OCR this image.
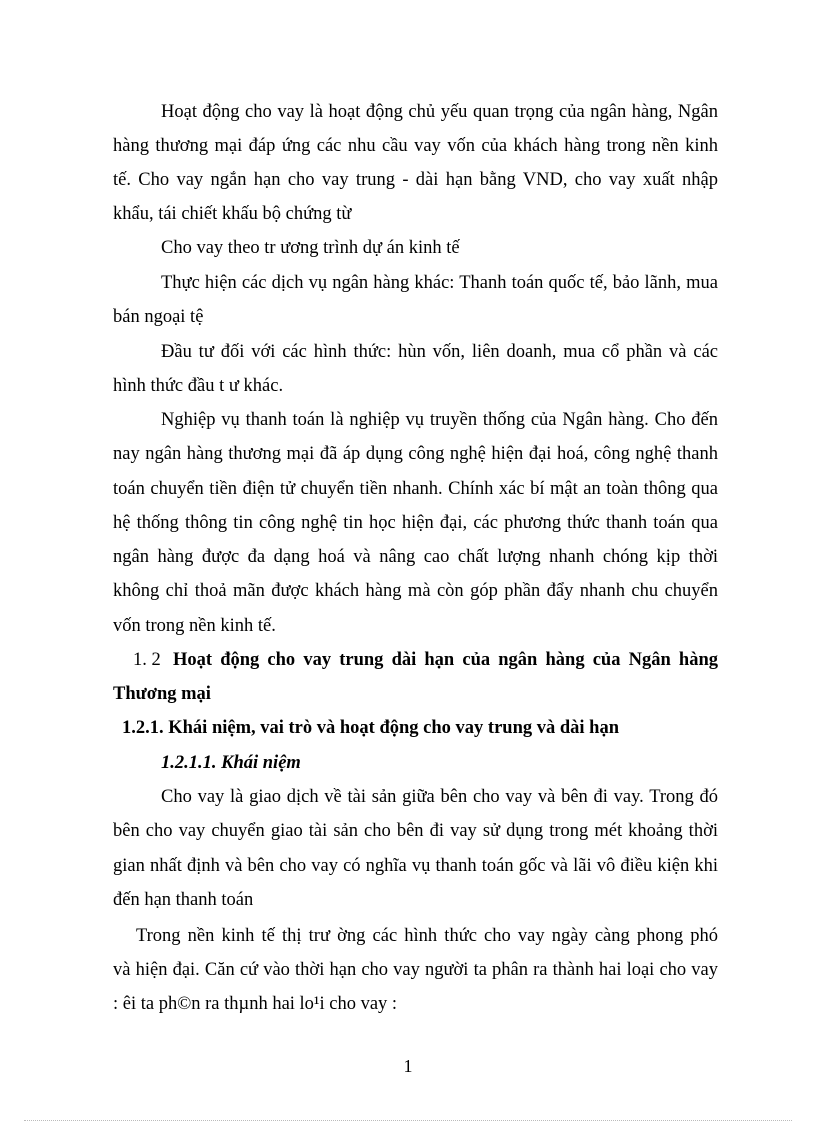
Hoạt động cho vay là hoạt động chủ yếu quan trọng của ngân hàng, Ngân
hàng thương mại đáp ứng các nhu cầu vay vốn của khách hàng trong nền kinh
tế. Cho vay ngắn hạn cho vay trung - dài hạn bằng VND, cho vay xuất nhập
khẩu, tái chiết khấu bộ chứng từ
Cho vay theo tr ương trình dự án kinh tế
Thực hiện các dịch vụ ngân hàng khác: Thanh toán quốc tế, bảo lãnh, mua
bán ngoại tệ
Đầu tư đối với các hình thức: hùn vốn, liên doanh, mua cổ phần và các
hình thức đầu t ư khác.
Nghiệp vụ thanh toán là nghiệp vụ truyền thống của Ngân hàng. Cho đến
nay ngân hàng thương mại đã áp dụng công nghệ hiện đại hoá, công nghệ thanh
toán chuyển tiền điện tử chuyển tiền nhanh. Chính xác bí mật an toàn thông qua
hệ thống thông tin công nghệ tin học hiện đại, các phương thức thanh toán qua
ngân hàng được đa dạng hoá và nâng cao chất lượng nhanh chóng kịp thời
không chỉ thoả mãn được khách hàng mà còn góp phần đẩy nhanh chu chuyển
vốn trong nền kinh tế.
1. 2 Hoạt động cho vay trung dài hạn của ngân hàng của Ngân hàng
Thương mại
1.2.1. Khái niệm, vai trò và hoạt động cho vay trung và dài hạn
1.2.1.1. Khái niệm
Cho vay là giao dịch về tài sản giữa bên cho vay và bên đi vay. Trong đó
bên cho vay chuyển giao tài sản cho bên đi vay sử dụng trong mét khoảng thời
gian nhất định và bên cho vay có nghĩa vụ thanh toán gốc và lãi vô điều kiện khi
đến hạn thanh toán
Trong nền kinh tế thị trư ờng các hình thức cho vay ngày càng phong phó
và hiện đại. Căn cứ vào thời hạn cho vay người ta phân ra thành hai loại cho vay
: êi ta ph©n ra thµnh hai lo¹i cho vay :
1
